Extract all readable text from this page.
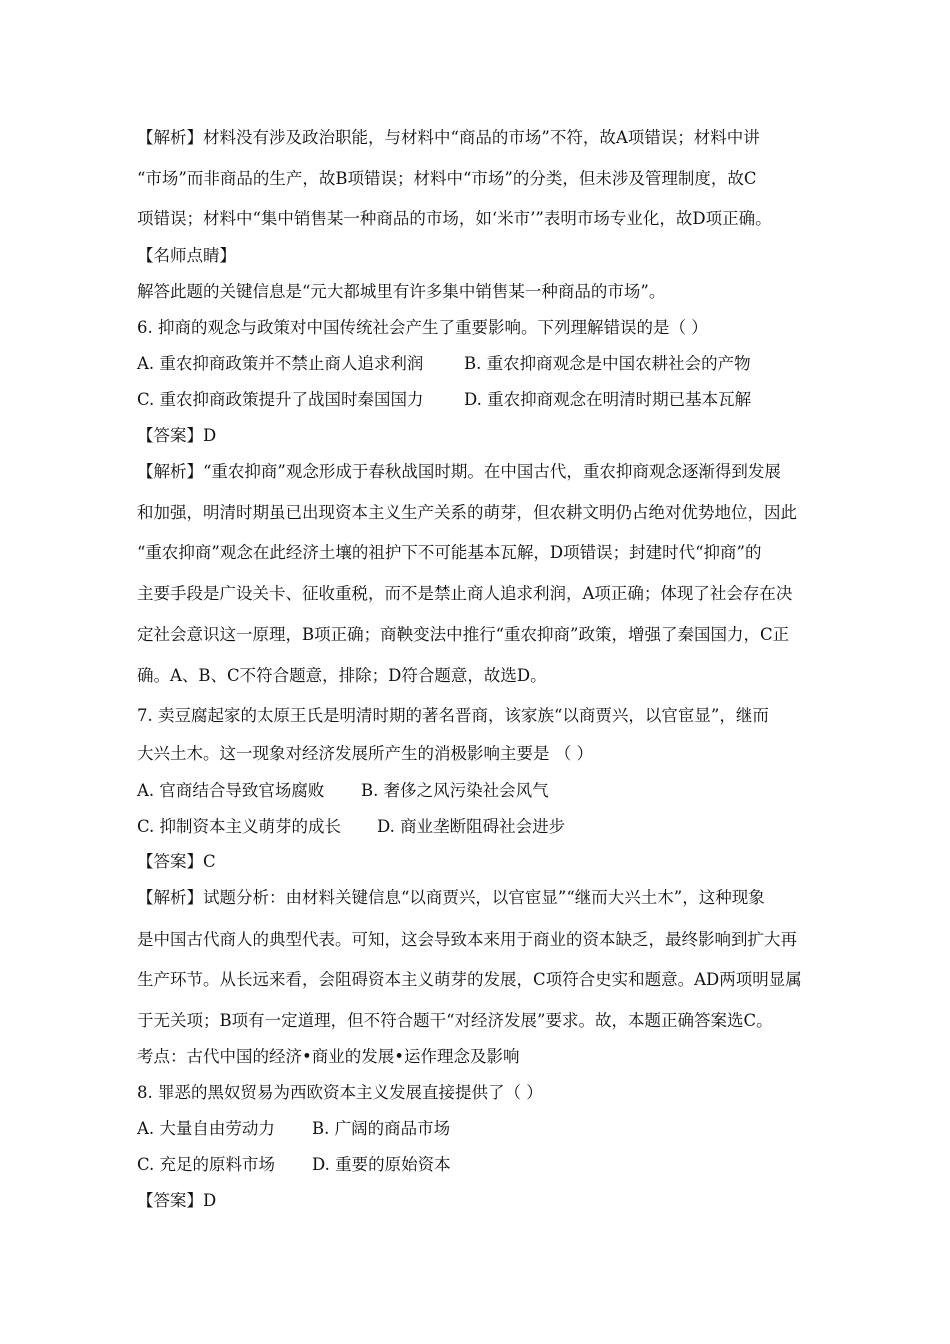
【解析】材料没有涉及政治职能，与材料中“商品的市场”不符，故A项错误；材料中讲
“市场”而非商品的生产，故B项错误；材料中“市场”的分类，但未涉及管理制度，故C
项错误；材料中“集中销售某一种商品的市场，如‘米市’”表明市场专业化，故D项正确。
【名师点睛】
解答此题的关键信息是“元大都城里有许多集中销售某一种商品的市场”。
6. 抑商的观念与政策对中国传统社会产生了重要影响。下列理解错误的是（ ）
A. 重农抑商政策并不禁止商人追求利润 B. 重农抑商观念是中国农耕社会的产物
C. 重农抑商政策提升了战国时秦国国力 D. 重农抑商观念在明清时期已基本瓦解
【答案】D
【解析】“重农抑商”观念形成于春秋战国时期。在中国古代，重农抑商观念逐渐得到发展
和加强，明清时期虽已出现资本主义生产关系的萌芽，但农耕文明仍占绝对优势地位，因此
“重农抑商”观念在此经济土壤的祖护下不可能基本瓦解，D项错误；封建时代“抑商”的
主要手段是广设关卡、征收重税，而不是禁止商人追求利润，A项正确；体现了社会存在决
定社会意识这一原理，B项正确；商鞅变法中推行“重农抑商”政策，增强了秦国国力，C正
确。A、B、C不符合题意，排除；D符合题意，故选D。
7. 卖豆腐起家的太原王氏是明清时期的著名晋商，该家族“以商贾兴，以官宦显”，继而
大兴土木。这一现象对经济发展所产生的消极影响主要是 （ ）
A. 官商结合导致官场腐败 B. 奢侈之风污染社会风气
C. 抑制资本主义萌芽的成长 D. 商业垄断阻碍社会进步
【答案】C
【解析】试题分析：由材料关键信息“以商贾兴，以官宦显”“继而大兴土木”，这种现象
是中国古代商人的典型代表。可知，这会导致本来用于商业的资本缺乏，最终影响到扩大再
生产环节。从长远来看，会阻碍资本主义萌芽的发展，C项符合史实和题意。AD两项明显属
于无关项；B项有一定道理，但不符合题干“对经济发展”要求。故，本题正确答案选C。
考点：古代中国的经济•商业的发展•运作理念及影响
8. 罪恶的黑奴贸易为西欧资本主义发展直接提供了（ ）
A. 大量自由劳动力 B. 广阔的商品市场
C. 充足的原料市场 D. 重要的原始资本
【答案】D
